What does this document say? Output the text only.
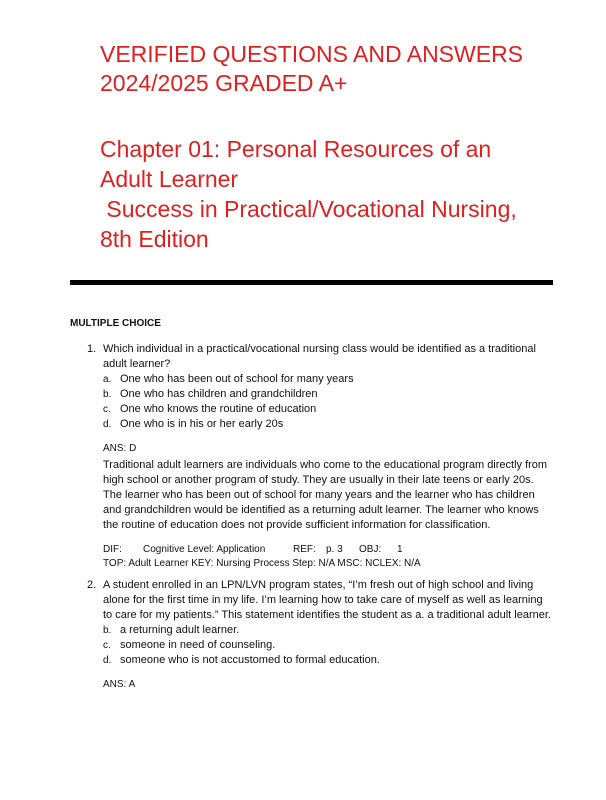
VERIFIED QUESTIONS AND ANSWERS
2024/2025 GRADED A+
Chapter 01: Personal Resources of an
Adult Learner
Success in Practical/Vocational Nursing,
8th Edition

MULTIPLE CHOICE

1. Which individual in a practical/vocational nursing class would be identified as a traditional adult learner?
a. One who has been out of school for many years
b. One who has children and grandchildren
c. One who knows the routine of education
d. One who is in his or her early 20s
ANS: D
Traditional adult learners are individuals who come to the educational program directly from high school or another program of study. They are usually in their late teens or early 20s. The learner who has been out of school for many years and the learner who has children and grandchildren would be identified as a returning adult learner. The learner who knows the routine of education does not provide sufficient information for classification.
DIF: Cognitive Level: Application	REF: p. 3 OBJ: 1
TOP: Adult Learner KEY: Nursing Process Step: N/A MSC: NCLEX: N/A
2. A student enrolled in an LPN/LVN program states, “I’m fresh out of high school and living alone for the first time in my life. I’m learning how to take care of myself as well as learning to care for my patients.” This statement identifies the student as a. a traditional adult learner.
b. a returning adult learner.
c. someone in need of counseling.
d. someone who is not accustomed to formal education.
ANS: A
